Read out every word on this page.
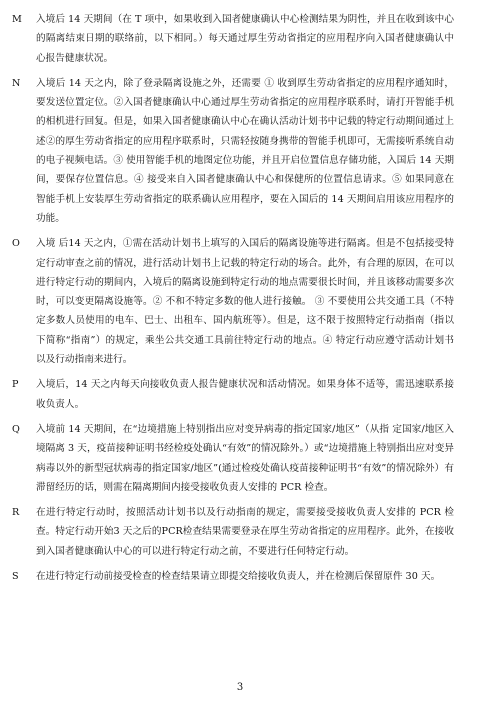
M	入境后 14 天期间（在 T 项中，如果收到入国者健康确认中心检测结果为阴性，并且在收到该中心的隔离结束日期的联络前，以下相同。）每天通过厚生劳动省指定的应用程序向入国者健康确认中心报告健康状况。
N	入境后 14 天之内，除了登录隔离设施之外，还需要 ① 收到厚生劳动省指定的应用程序通知时，要发送位置定位。②入国者健康确认中心通过厚生劳动省指定的应用程序联系时，请打开智能手机的相机进行回复。但是，如果入国者健康确认中心在确认活动计划书中记载的特定行动期间通过上述②的厚生劳动省指定的应用程序联系时，只需轻按随身携带的智能手机即可，无需接听系统自动的电子视频电话。③ 使用智能手机的地图定位功能，并且开启位置信息存储功能，入国后 14 天期间，要保存位置信息。④ 接受来自入国者健康确认中心和保健所的位置信息请求。⑤ 如果同意在智能手机上安装厚生劳动省指定的联系确认应用程序，要在入国后的 14 天期间启用该应用程序的功能。
O	入境 后14 天之内，①需在活动计划书上填写的入国后的隔离设施等进行隔离。但是不包括接受特定行动审查之前的情况，进行活动计划书上记载的特定行动的场合。此外，有合理的原因，在可以进行特定行动的期间内，入境后的隔离设施到特定行动的地点需要很长时间，并且该移动需要多次时，可以变更隔离设施等。② 不和不特定多数的他人进行接触。 ③ 不要使用公共交通工具（不特定多数人员使用的电车、巴士、出租车、国内航班等）。但是，这不限于按照特定行动指南（指以下简称“指南”）的规定，乘坐公共交通工具前往特定行动的地点。④ 特定行动应遵守活动计划书以及行动指南来进行。
P	入境后，14 天之内每天向接收负责人报告健康状况和活动情况。如果身体不适等，需迅速联系接收负责人。
Q	入境前 14 天期间，在“边境措施上特别指出应对变异病毒的指定国家/地区”（从指 定国家/地区入境隔离 3 天，疫苗接种证明书经检疫处确认“有效”的情况除外。）或“边境措施上特别指出应对变异病毒以外的新型冠状病毒的指定国家/地区”(通过检疫处确认疫苗接种证明书“有效”的情况除外）有滞留经历的话，则需在隔离期间内接受接收负责人安排的 PCR 检查。
R	在进行特定行动时，按照活动计划书以及行动指南的规定，需要接受接收负责人安排的 PCR 检查。特定行动开始3 天之后的PCR检查结果需要登录在厚生劳动省指定的应用程序。此外，在接收到入国者健康确认中心的可以进行特定行动之前，不要进行任何特定行动。
S	在进行特定行动前接受检查的检查结果请立即提交给接收负责人，并在检测后保留原件 30 天。
3
